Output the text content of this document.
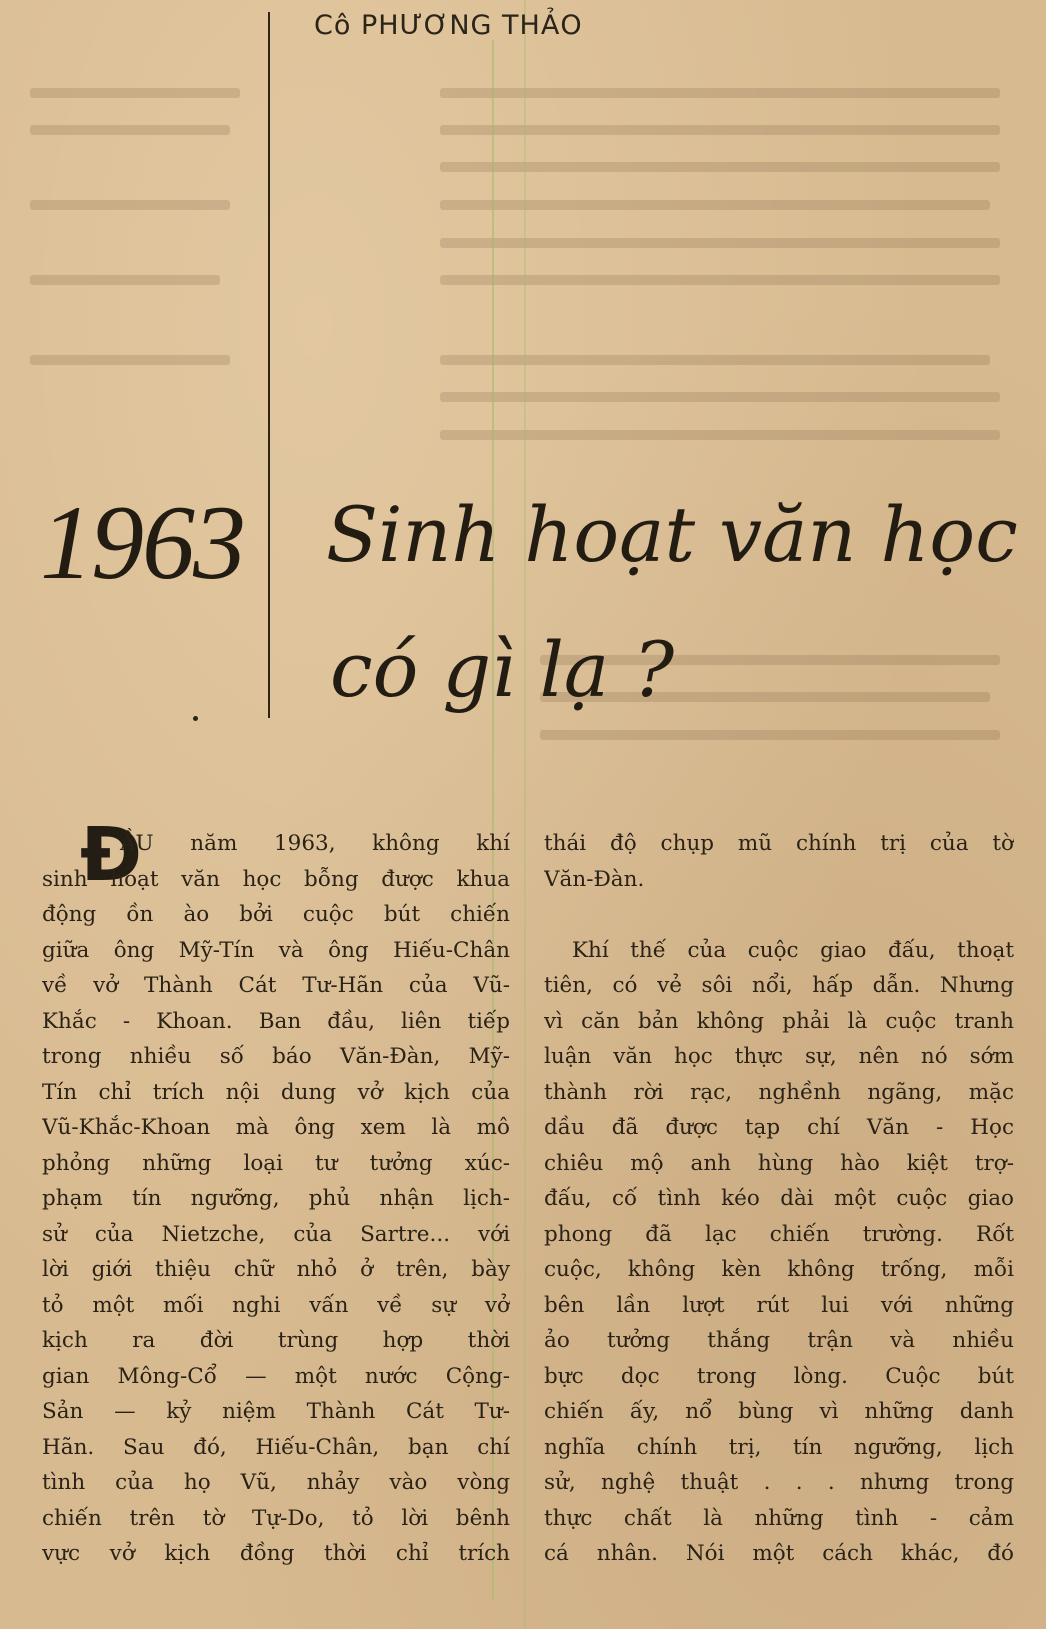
Cô PHƯƠNG THẢO
1963 Sinh hoạt văn học
có gì lạ ?
Đ
ẦU năm 1963, không khí
sinh hoạt văn học bỗng được khua
động ồn ào bởi cuộc bút chiến
giữa ông Mỹ-Tín và ông Hiếu-Chân
về vở Thành Cát Tư-Hãn của Vũ-
Khắc - Khoan. Ban đầu, liên tiếp
trong nhiều số báo Văn-Đàn, Mỹ-
Tín chỉ trích nội dung vở kịch của
Vũ-Khắc-Khoan mà ông xem là mô
phỏng những loại tư tưởng xúc-
phạm tín ngưỡng, phủ nhận lịch-
sử của Nietzche, của Sartre... với
lời giới thiệu chữ nhỏ ở trên, bày
tỏ một mối nghi vấn về sự vở
kịch ra đời trùng hợp thời
gian Mông-Cổ — một nước Cộng-
Sản — kỷ niệm Thành Cát Tư-
Hãn. Sau đó, Hiếu-Chân, bạn chí
tình của họ Vũ, nhảy vào vòng
chiến trên tờ Tự-Do, tỏ lời bênh
vực vở kịch đồng thời chỉ trích
thái độ chụp mũ chính trị của tờ
Văn-Đàn.
Khí thế của cuộc giao đấu, thoạt
tiên, có vẻ sôi nổi, hấp dẫn. Nhưng
vì căn bản không phải là cuộc tranh
luận văn học thực sự, nên nó sớm
thành rời rạc, nghềnh ngãng, mặc
dầu đã được tạp chí Văn - Học
chiêu mộ anh hùng hào kiệt trợ-
đấu, cố tình kéo dài một cuộc giao
phong đã lạc chiến trường. Rốt
cuộc, không kèn không trống, mỗi
bên lần lượt rút lui với những
ảo tưởng thắng trận và nhiều
bực dọc trong lòng. Cuộc bút
chiến ấy, nổ bùng vì những danh
nghĩa chính trị, tín ngưỡng, lịch
sử, nghệ thuật . . . nhưng trong
thực chất là những tình - cảm
cá nhân. Nói một cách khác, đó
